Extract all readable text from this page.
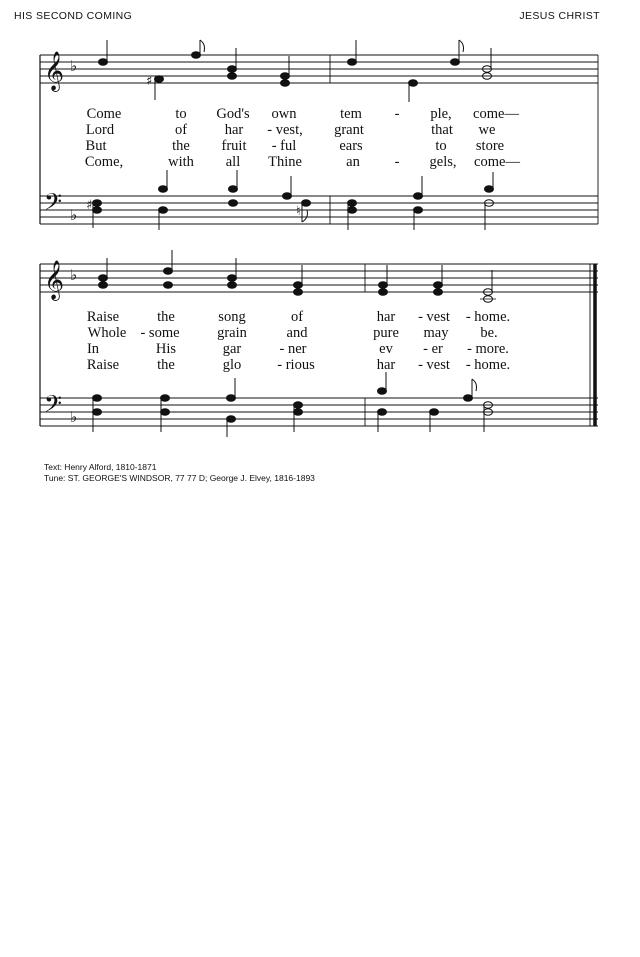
HIS SECOND COMING	JESUS CHRIST
𝄞 ♭
𝄢 ♭
𝄞 ♭
𝄢 ♭
♯
♯	♮
Come	to God's own	tem - ple, come—
Lord	of	har - vest, grant	that we
But	the fruit - ful	ears	to store
Come,	with all Thine	an - gels, come—
Raise	the	song	of	har - vest - home.
Whole - some	grain	and	pure may be.
In	His	gar	- ner	ev - er - more.
Raise	the	glo - rious	har - vest - home.
Text: Henry Alford, 1810-1871
Tune: ST. GEORGE'S WINDSOR, 77 77 D; George J. Elvey, 1816-1893
